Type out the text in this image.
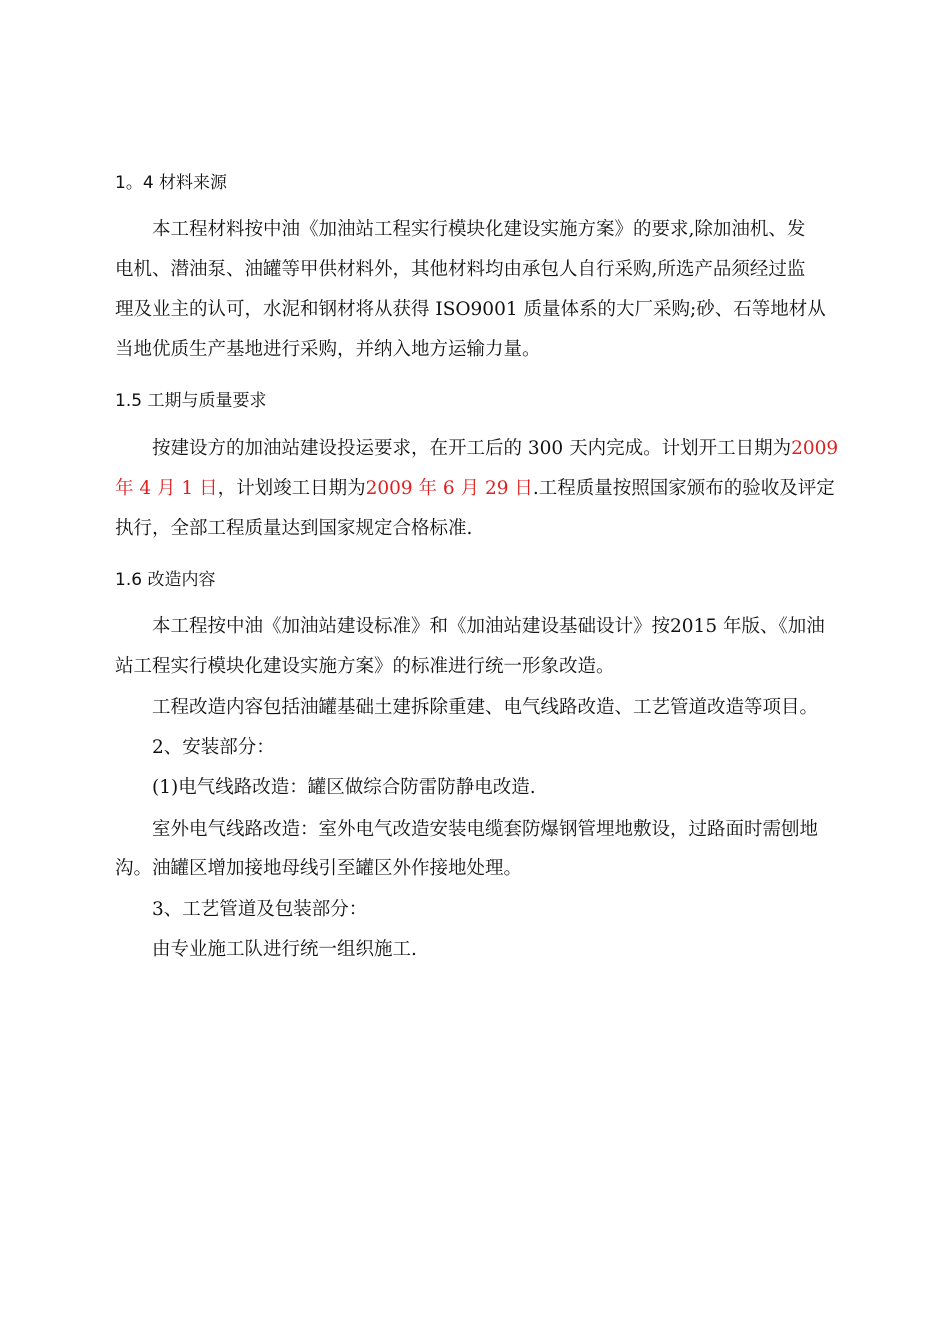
1。4 材料来源
本工程材料按中油《加油站工程实行模块化建设实施方案》的要求,除加油机、发
电机、潜油泵、油罐等甲供材料外，其他材料均由承包人自行采购,所选产品须经过监
理及业主的认可，水泥和钢材将从获得 ISO9001 质量体系的大厂采购;砂、石等地材从
当地优质生产基地进行采购，并纳入地方运输力量。
1.5 工期与质量要求
按建设方的加油站建设投运要求，在开工后的 300 天内完成。计划开工日期为2009
年 4 月 1 日，计划竣工日期为2009 年 6 月 29 日.工程质量按照国家颁布的验收及评定
执行，全部工程质量达到国家规定合格标准.
1.6 改造内容
本工程按中油《加油站建设标准》和《加油站建设基础设计》按2015 年版、《加油
站工程实行模块化建设实施方案》的标准进行统一形象改造。
工程改造内容包括油罐基础土建拆除重建、电气线路改造、工艺管道改造等项目。
2、安装部分：
(1)电气线路改造：罐区做综合防雷防静电改造.
室外电气线路改造：室外电气改造安装电缆套防爆钢管埋地敷设，过路面时需刨地
沟。油罐区增加接地母线引至罐区外作接地处理。
3、工艺管道及包装部分：
由专业施工队进行统一组织施工.
